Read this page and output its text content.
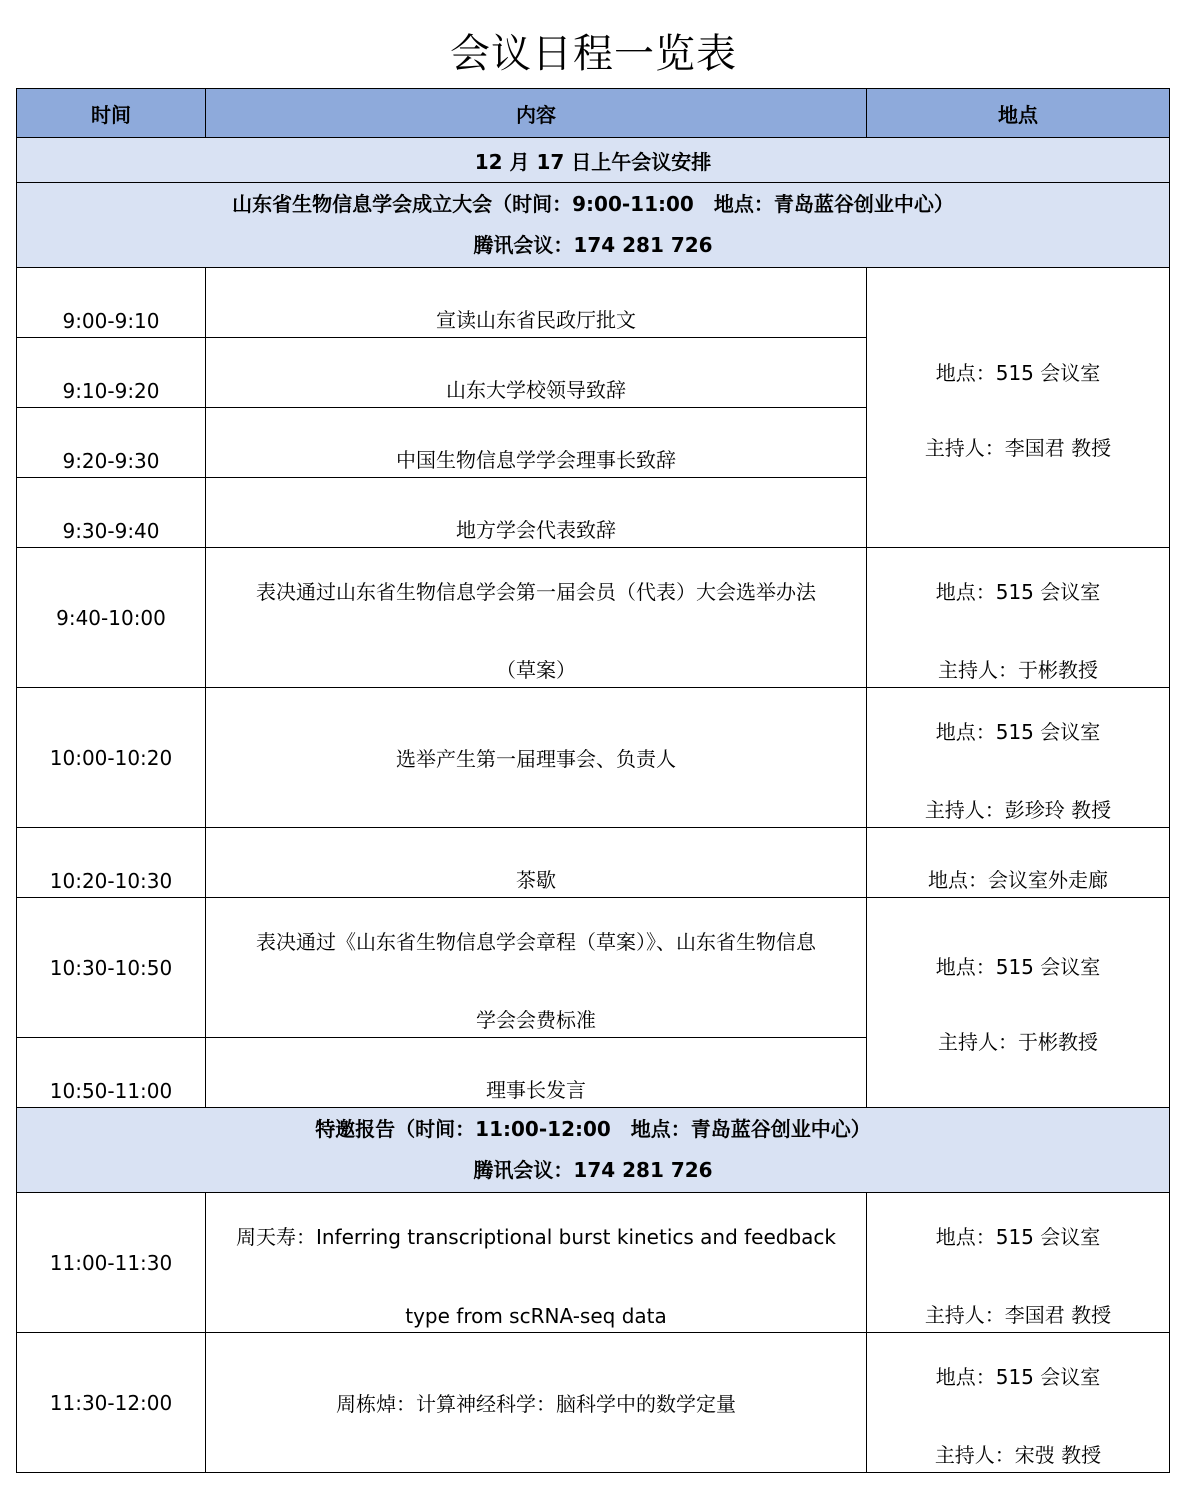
会议日程一览表
时间	内容	地点
12 月 17 日上午会议安排		

山东省生物信息学会成立大会（时间：9:00-11:00　地点：青岛蓝谷创业中心）
腾讯会议：174 281 726		

9:00-9:10	宣读山东省民政厅批文	地点：515 会议室
主持人：李国君 教授

9:10-9:20	山东大学校领导致辞	

9:20-9:30	中国生物信息学学会理事长致辞	

9:30-9:40	地方学会代表致辞	

9:40-10:00	表决通过山东省生物信息学会第一届会员（代表）大会选举办法
（草案）	地点：515 会议室
主持人：于彬教授

10:00-10:20	选举产生第一届理事会、负责人	地点：515 会议室
主持人：彭珍玲 教授

10:20-10:30	茶歇	地点：会议室外走廊

10:30-10:50	表决通过《山东省生物信息学会章程（草案）》、山东省生物信息
学会会费标准	地点：515 会议室
主持人：于彬教授

10:50-11:00	理事长发言	

特邀报告（时间：11:00-12:00　地点：青岛蓝谷创业中心）
腾讯会议：174 281 726		

11:00-11:30	周天寿：Inferring transcriptional burst kinetics and feedback
type from scRNA-seq data	地点：515 会议室
主持人：李国君 教授

11:30-12:00	周栋焯：计算神经科学：脑科学中的数学定量	地点：515 会议室
主持人：宋弢 教授
